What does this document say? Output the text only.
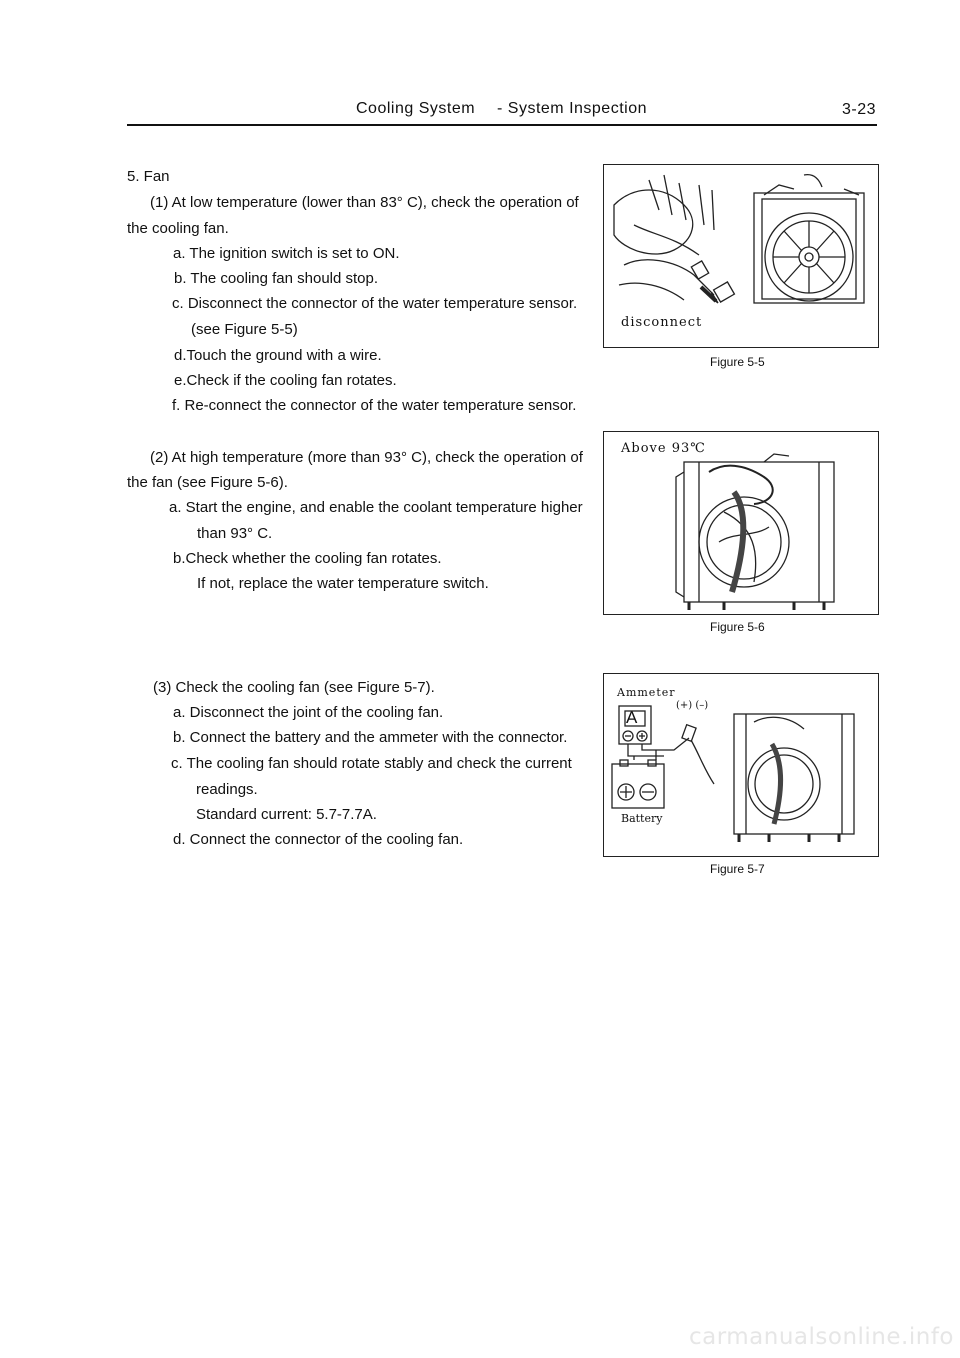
Cooling System - System Inspection	3-23
5. Fan
(1) At low temperature (lower than 83° C), check the operation of
the cooling fan.
a. The ignition switch is set to ON.
b. The cooling fan should stop.
c. Disconnect the connector of the water temperature sensor.
(see Figure 5-5)
d.Touch the ground with a wire.
e.Check if the cooling fan rotates.
f. Re-connect the connector of the water temperature sensor.
(2) At high temperature (more than 93° C), check the operation of
the fan (see Figure 5-6).
a. Start the engine, and enable the coolant temperature higher
than 93° C.
b.Check whether the cooling fan rotates.
If not, replace the water temperature switch.
(3) Check the cooling fan (see Figure 5-7).
a. Disconnect the joint of the cooling fan.
b. Connect the battery and the ammeter with the connector.
c. The cooling fan should rotate stably and check the current
readings.
Standard current: 5.7-7.7A.
d. Connect the connector of the cooling fan.
disconnect
Figure 5-5
Above 93℃
Figure 5-6
A
Ammeter
(+) (–)
Battery
Figure 5-7
carmanualsonline.info
